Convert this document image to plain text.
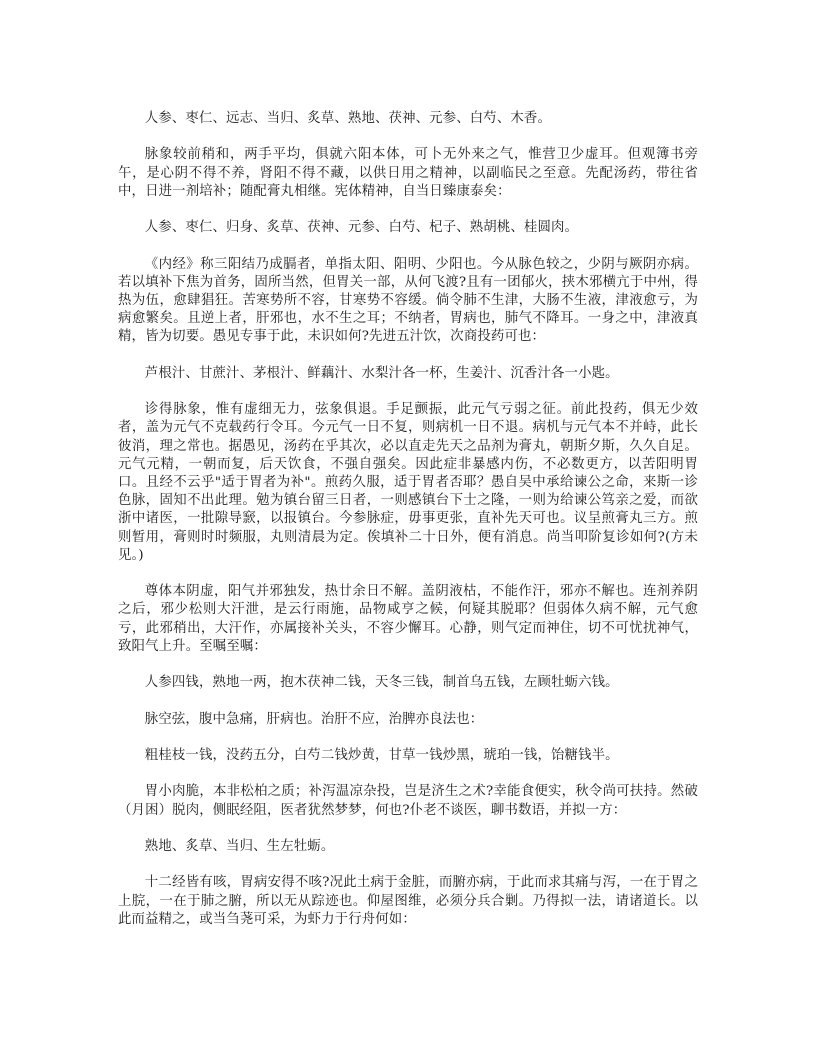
人参、枣仁、远志、当归、炙草、熟地、茯神、元参、白芍、木香。

脉象较前稍和，两手平均，俱就六阳本体，可卜无外来之气，惟营卫少虚耳。但观簿书旁午，是心阴不得不养，肾阳不得不藏，以供日用之精神，以副临民之至意。先配汤药，带往省中，日进一剂培补；随配膏丸相继。宪体精神，自当日臻康泰矣：

人参、枣仁、归身、炙草、茯神、元参、白芍、杞子、熟胡桃、桂圆肉。

《内经》称三阳结乃成膈者，单指太阳、阳明、少阳也。今从脉色较之，少阴与厥阴亦病。若以填补下焦为首务，固所当然，但胃关一部，从何飞渡?且有一团郁火，挟木邪横亢于中州，得热为伍，愈肆猖狂。苦寒势所不容，甘寒势不容缓。倘令肺不生津，大肠不生液，津液愈亏，为病愈繁矣。且逆上者，肝邪也，水不生之耳；不纳者，胃病也，肺气不降耳。一身之中，津液真精，皆为切要。愚见专事于此，未识如何?先进五汁饮，次商投药可也：

芦根汁、甘蔗汁、茅根汁、鲜藕汁、水梨汁各一杯，生姜汁、沉香汁各一小匙。

诊得脉象，惟有虚细无力，弦象俱退。手足颤振，此元气亏弱之征。前此投药，俱无少效者，盖为元气不克载药行令耳。今元气一日不复，则病机一日不退。病机与元气本不并峙，此长彼消，理之常也。据愚见，汤药在乎其次，必以直走先天之品剂为膏丸，朝斯夕斯，久久自足。元气元精，一朝而复，后天饮食，不强自强矣。因此症非暴感内伤，不必数更方，以苦阳明胃口。且经不云乎"适于胃者为补"。煎药久服，适于胃者否耶？愚自吴中承给谏公之命，来斯一诊色脉，固知不出此理。勉为镇台留三日者，一则感镇台下士之隆，一则为给谏公笃亲之爱，而欲浙中诸医，一批隙导窾，以报镇台。今参脉症，毋事更张，直补先天可也。议呈煎膏丸三方。煎则暂用，膏则时时频服，丸则清晨为定。俟填补二十日外，便有消息。尚当叩阶复诊如何?(方未见。)

尊体本阴虚，阳气并邪独发，热廿余日不解。盖阴液枯，不能作汗，邪亦不解也。连剂养阴之后，邪少松则大汗泄，是云行雨施，品物咸亨之候，何疑其脱耶？但弱体久病不解，元气愈亏，此邪稍出，大汗作，亦属接补关头，不容少懈耳。心静，则气定而神住，切不可忧扰神气，致阳气上升。至嘱至嘱：

人参四钱，熟地一两，抱木茯神二钱，天冬三钱，制首乌五钱，左顾牡蛎六钱。

脉空弦，腹中急痛，肝病也。治肝不应，治脾亦良法也：

粗桂枝一钱，没药五分，白芍二钱炒黄，甘草一钱炒黑，琥珀一钱，饴糖钱半。

胃小肉脆，本非松柏之质；补泻温凉杂投，岂是济生之术?幸能食便实，秋令尚可扶持。然破（月困）脱肉，侧眠经阻，医者犹然梦梦，何也?仆老不谈医，聊书数语，并拟一方：

熟地、炙草、当归、生左牡蛎。

十二经皆有咳，胃病安得不咳?况此土病于金脏，而腑亦病，于此而求其痛与泻，一在于胃之上脘，一在于肺之腑，所以无从踪迹也。仰屋图维，必须分兵合剿。乃得拟一法，请诸道长。以此而益精之，或当刍荛可采，为虾力于行舟何如：
